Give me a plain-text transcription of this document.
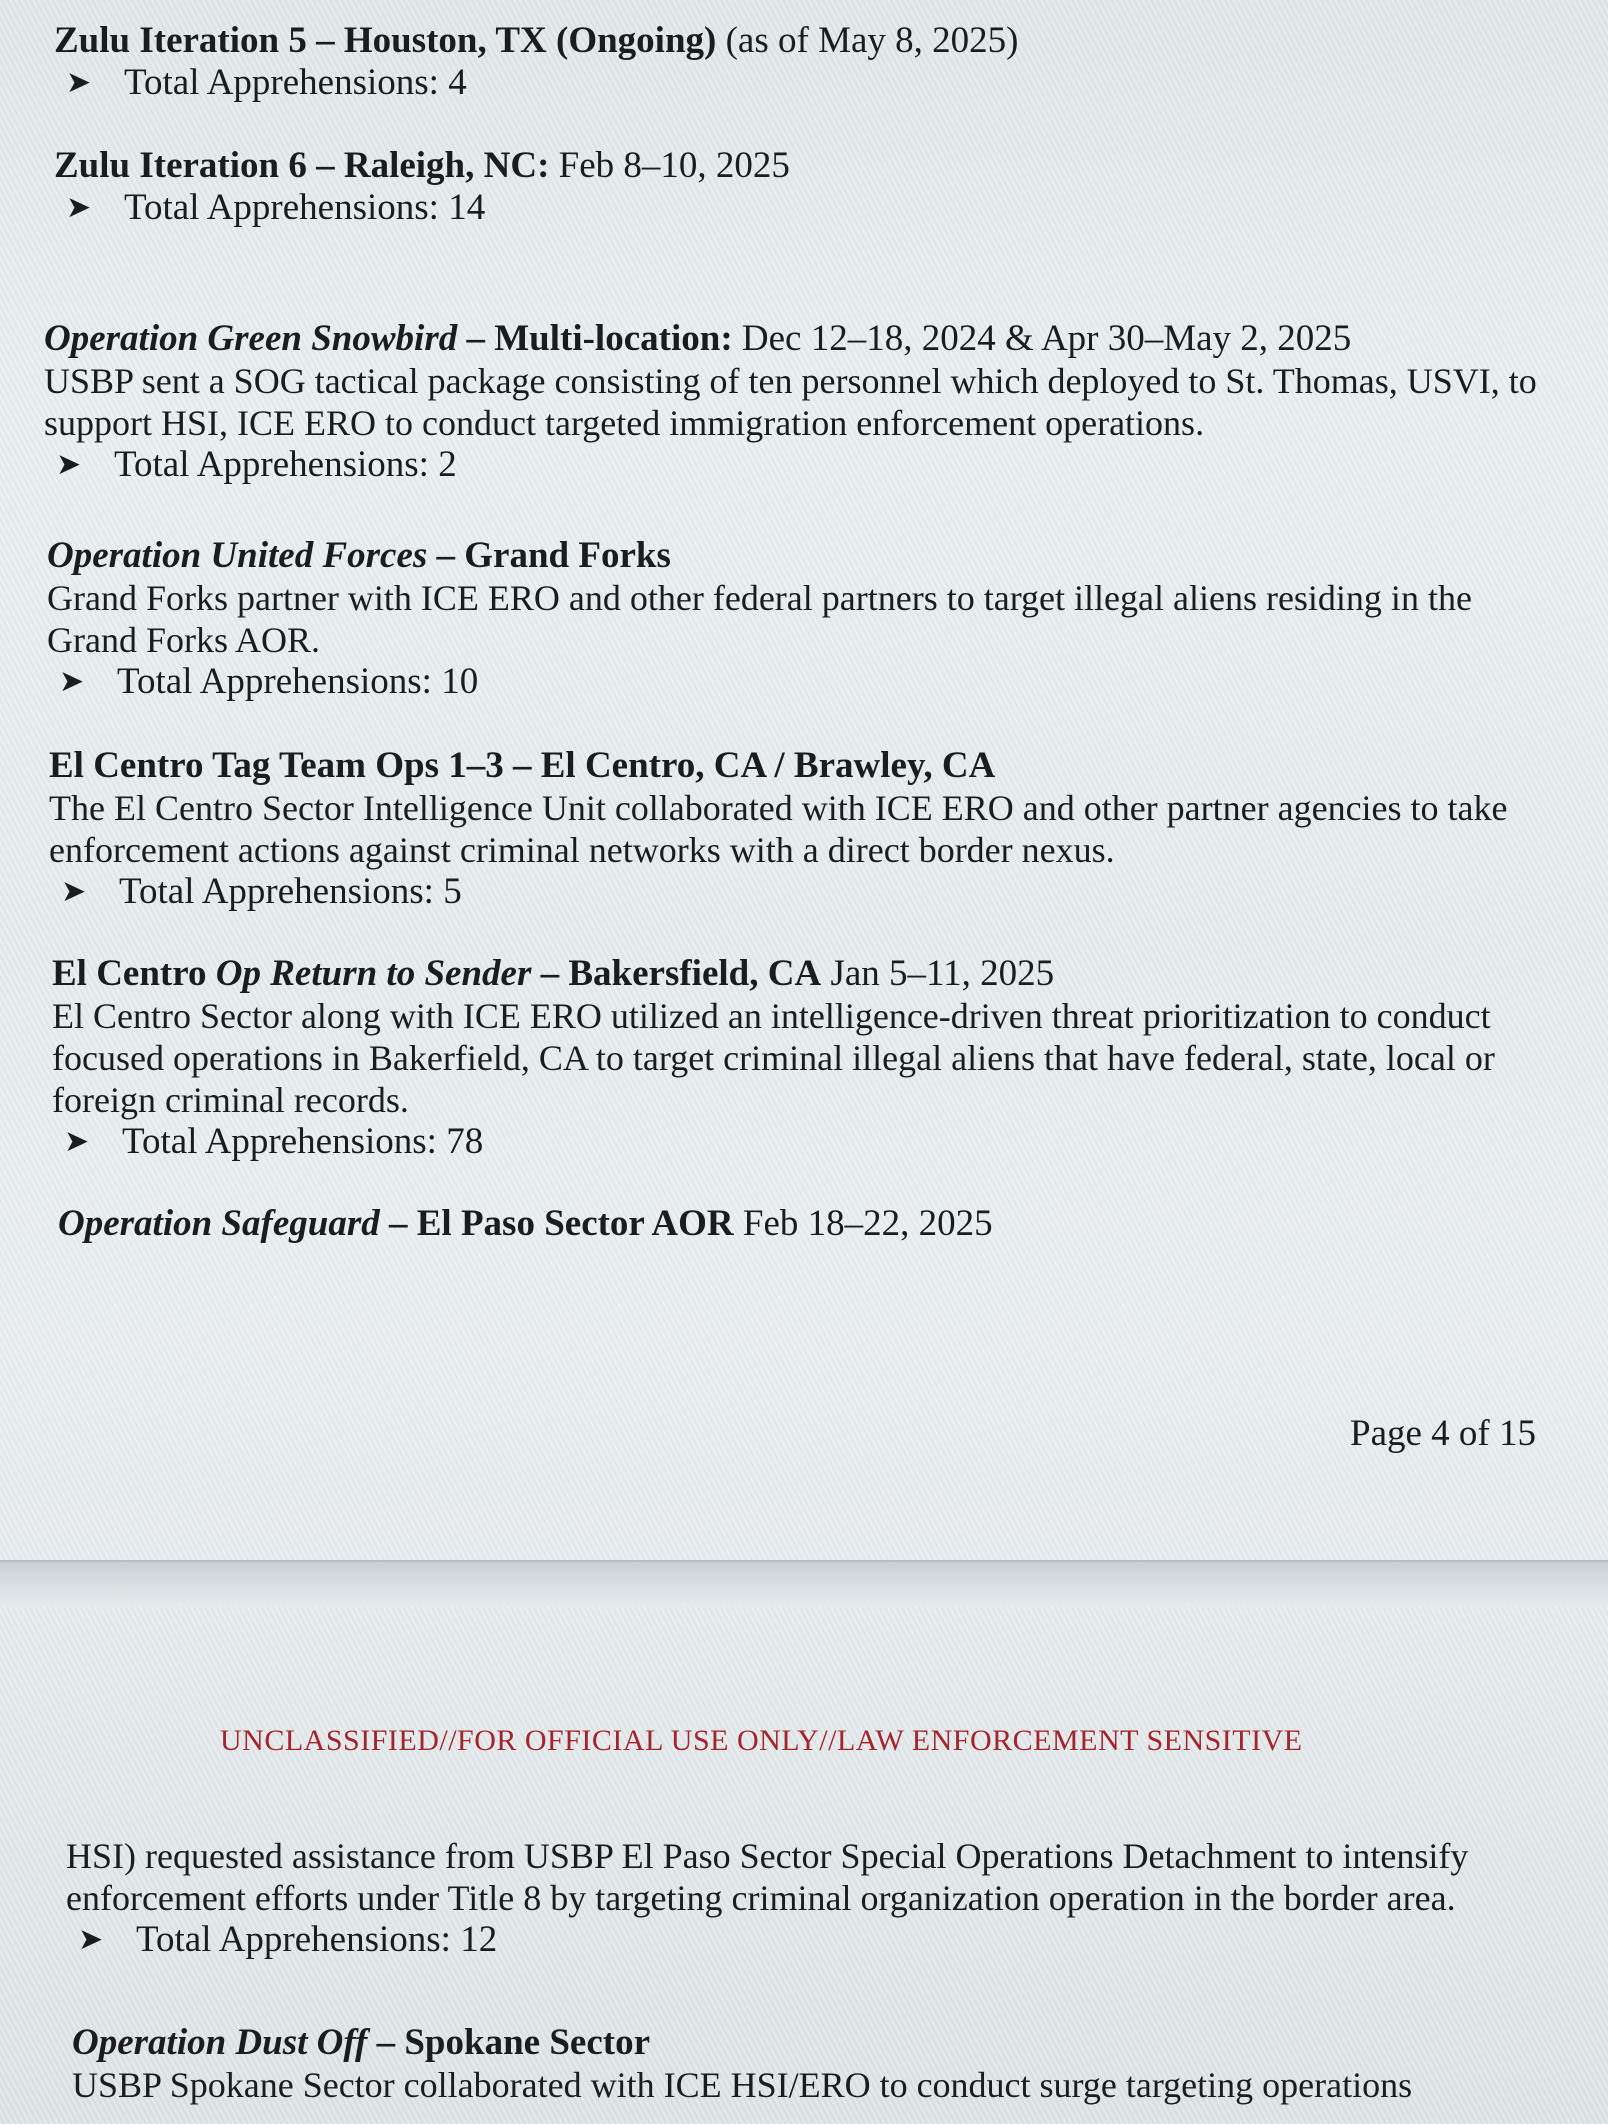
Zulu Iteration 5 – Houston, TX (Ongoing) (as of May 8, 2025)
➤ Total Apprehensions: 4
Zulu Iteration 6 – Raleigh, NC: Feb 8–10, 2025
➤ Total Apprehensions: 14
Operation Green Snowbird – Multi-location: Dec 12–18, 2024 & Apr 30–May 2, 2025
USBP sent a SOG tactical package consisting of ten personnel which deployed to St. Thomas, USVI, to support HSI, ICE ERO to conduct targeted immigration enforcement operations.
➤ Total Apprehensions: 2
Operation United Forces – Grand Forks
Grand Forks partner with ICE ERO and other federal partners to target illegal aliens residing in the Grand Forks AOR.
➤ Total Apprehensions: 10
El Centro Tag Team Ops 1–3 – El Centro, CA / Brawley, CA
The El Centro Sector Intelligence Unit collaborated with ICE ERO and other partner agencies to take enforcement actions against criminal networks with a direct border nexus.
➤ Total Apprehensions: 5
El Centro Op Return to Sender – Bakersfield, CA Jan 5–11, 2025
El Centro Sector along with ICE ERO utilized an intelligence-driven threat prioritization to conduct focused operations in Bakerfield, CA to target criminal illegal aliens that have federal, state, local or foreign criminal records.
➤ Total Apprehensions: 78
Operation Safeguard – El Paso Sector AOR Feb 18–22, 2025
Page 4 of 15
UNCLASSIFIED//FOR OFFICIAL USE ONLY//LAW ENFORCEMENT SENSITIVE
HSI) requested assistance from USBP El Paso Sector Special Operations Detachment to intensify enforcement efforts under Title 8 by targeting criminal organization operation in the border area.
➤ Total Apprehensions: 12
Operation Dust Off – Spokane Sector
USBP Spokane Sector collaborated with ICE HSI/ERO to conduct surge targeting operations
